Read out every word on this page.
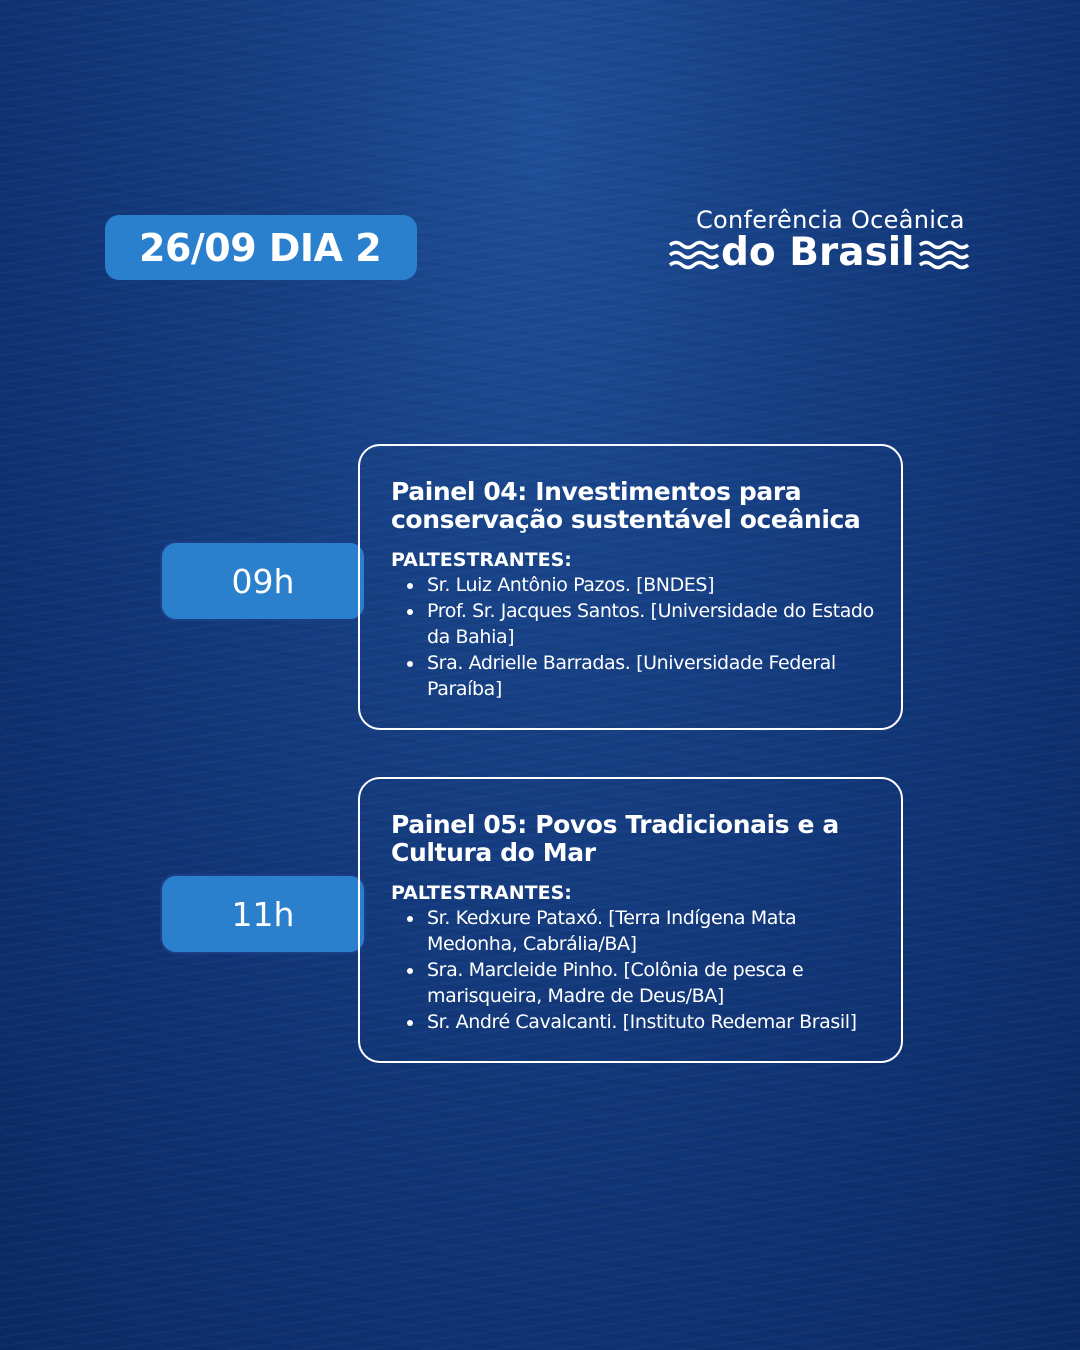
26/09 DIA 2
Conferência Oceânica
do Brasil
09h
Painel 04: Investimentos para conservação sustentável oceânica
PALTESTRANTES:
Sr. Luiz Antônio Pazos. [BNDES]
Prof. Sr. Jacques Santos. [Universidade do Estado da Bahia]
Sra. Adrielle Barradas. [Universidade Federal Paraíba]
11h
Painel 05: Povos Tradicionais e a Cultura do Mar
PALTESTRANTES:
Sr. Kedxure Pataxó. [Terra Indígena Mata Medonha, Cabrália/BA]
Sra. Marcleide Pinho. [Colônia de pesca e marisqueira, Madre de Deus/BA]
Sr. André Cavalcanti. [Instituto Redemar Brasil]
